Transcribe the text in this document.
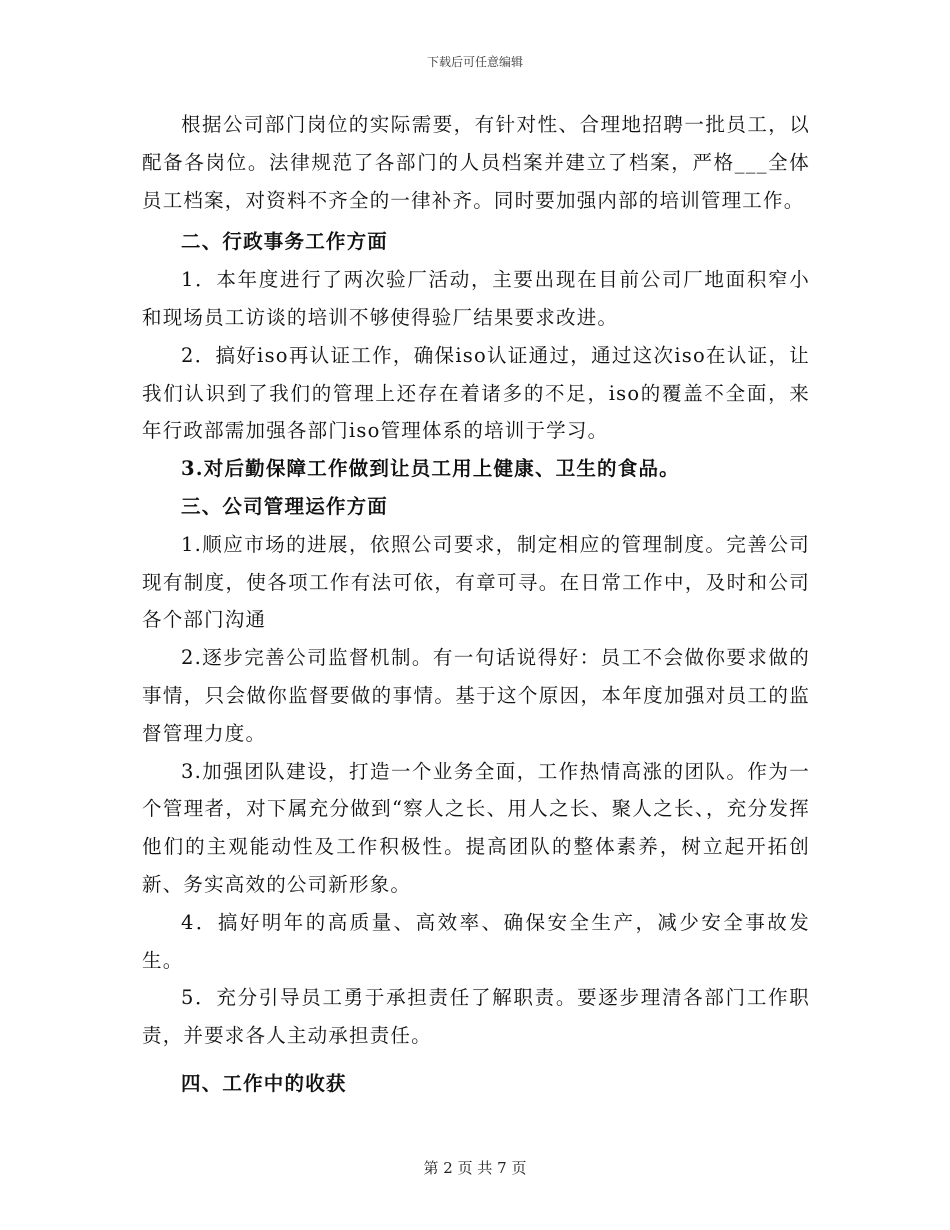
下载后可任意编辑

根据公司部门岗位的实际需要，有针对性、合理地招聘一批员工，以配备各岗位。法律规范了各部门的人员档案并建立了档案，严格___全体员工档案，对资料不齐全的一律补齐。同时要加强内部的培训管理工作。

二、行政事务工作方面

1．本年度进行了两次验厂活动，主要出现在目前公司厂地面积窄小和现场员工访谈的培训不够使得验厂结果要求改进。

2．搞好iso再认证工作，确保iso认证通过，通过这次iso在认证，让我们认识到了我们的管理上还存在着诸多的不足，iso的覆盖不全面，来年行政部需加强各部门iso管理体系的培训于学习。

3.对后勤保障工作做到让员工用上健康、卫生的食品。

三、公司管理运作方面

1.顺应市场的进展，依照公司要求，制定相应的管理制度。完善公司现有制度，使各项工作有法可依，有章可寻。在日常工作中，及时和公司各个部门沟通

2.逐步完善公司监督机制。有一句话说得好：员工不会做你要求做的事情，只会做你监督要做的事情。基于这个原因，本年度加强对员工的监督管理力度。

3.加强团队建设，打造一个业务全面，工作热情高涨的团队。作为一个管理者，对下属充分做到“察人之长、用人之长、聚人之长、，充分发挥他们的主观能动性及工作积极性。提高团队的整体素养，树立起开拓创新、务实高效的公司新形象。

4．搞好明年的高质量、高效率、确保安全生产，减少安全事故发生。

5．充分引导员工勇于承担责任了解职责。要逐步理清各部门工作职责，并要求各人主动承担责任。

四、工作中的收获

第 2 页 共 7 页
